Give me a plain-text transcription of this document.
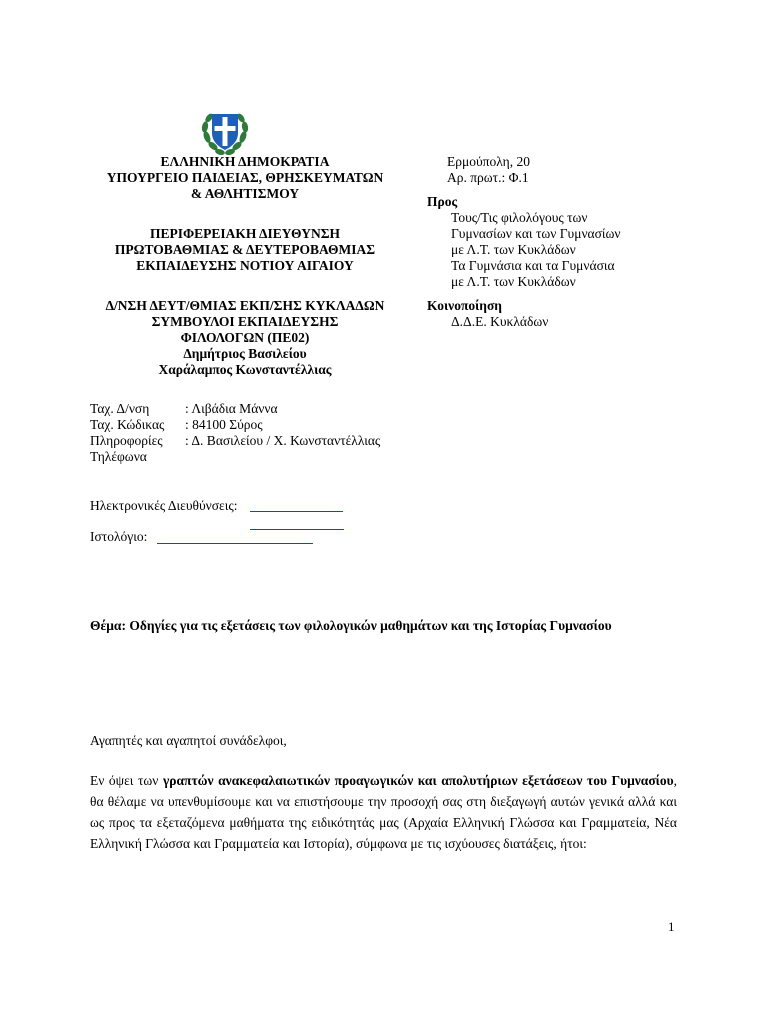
ΕΛΛΗΝΙΚΗ ΔΗΜΟΚΡΑΤΙΑ
ΥΠΟΥΡΓΕΙΟ ΠΑΙΔΕΙΑΣ, ΘΡΗΣΚΕΥΜΑΤΩΝ
& ΑΘΛΗΤΙΣΜΟΥ
ΠΕΡΙΦΕΡΕΙΑΚΗ ΔΙΕΥΘΥΝΣΗ
ΠΡΩΤΟΒΑΘΜΙΑΣ & ΔΕΥΤΕΡΟΒΑΘΜΙΑΣ
ΕΚΠΑΙΔΕΥΣΗΣ ΝΟΤΙΟΥ ΑΙΓΑΙΟΥ
Δ/ΝΣΗ ΔΕΥΤ/ΘΜΙΑΣ ΕΚΠ/ΣΗΣ ΚΥΚΛΑΔΩΝ
ΣΥΜΒΟΥΛΟΙ ΕΚΠΑΙΔΕΥΣΗΣ
ΦΙΛΟΛΟΓΩΝ (ΠΕ02)
Δημήτριος Βασιλείου
Χαράλαμπος Κωνσταντέλλιας
Ερμούπολη, 20
Αρ. πρωτ.: Φ.1
Προς
Τους/Τις φιλολόγους των
Γυμνασίων και των Γυμνασίων
με Λ.Τ. των Κυκλάδων
Τα Γυμνάσια και τα Γυμνάσια
με Λ.Τ. των Κυκλάδων
Κοινοποίηση
Δ.Δ.Ε. Κυκλάδων
Ταχ. Δ/νση	: Λιβάδια Μάννα
Ταχ. Κώδικας	: 84100 Σύρος
Πληροφορίες	: Δ. Βασιλείου / Χ. Κωνσταντέλλιας
Τηλέφωνα
Ηλεκτρονικές Διευθύνσεις:
Ιστολόγιο:
Θέμα: Οδηγίες για τις εξετάσεις των φιλολογικών μαθημάτων και της Ιστορίας Γυμνασίου
Αγαπητές και αγαπητοί συνάδελφοι,
Εν όψει των γραπτών ανακεφαλαιωτικών προαγωγικών και απολυτήριων εξετάσεων του Γυμνασίου, θα θέλαμε να υπενθυμίσουμε και να επιστήσουμε την προσοχή σας στη διεξαγωγή αυτών γενικά αλλά και ως προς τα εξεταζόμενα μαθήματα της ειδικότητάς μας (Αρχαία Ελληνική Γλώσσα και Γραμματεία, Νέα Ελληνική Γλώσσα και Γραμματεία και Ιστορία), σύμφωνα με τις ισχύουσες διατάξεις, ήτοι:
1
